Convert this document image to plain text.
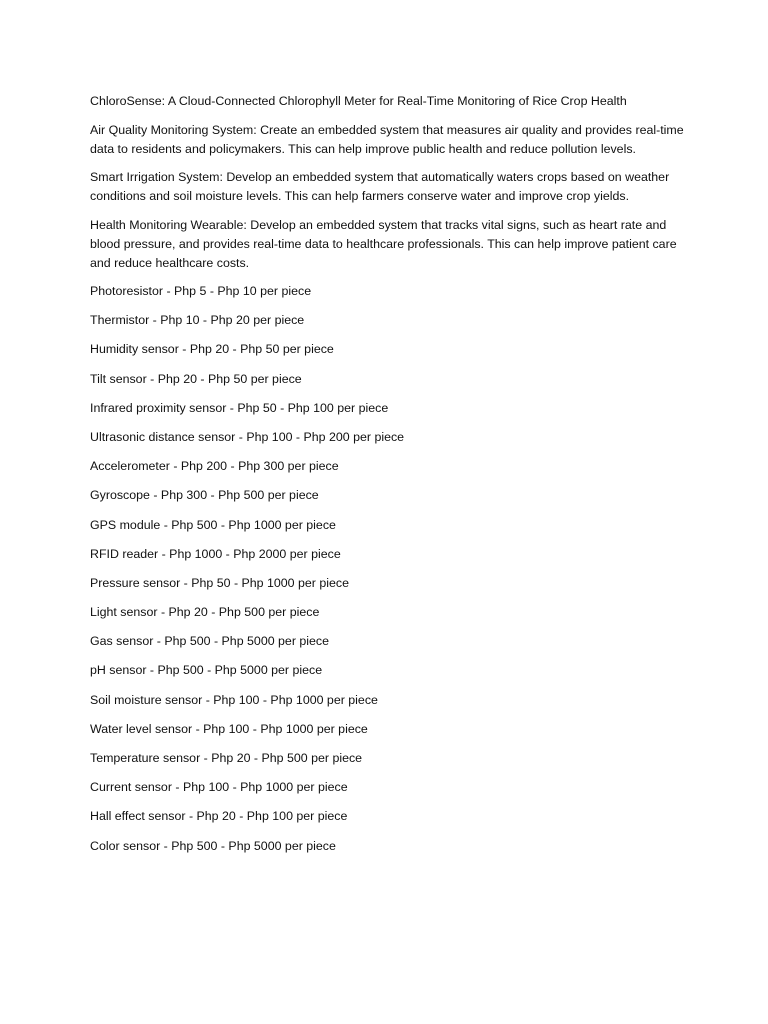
ChloroSense: A Cloud-Connected Chlorophyll Meter for Real-Time Monitoring of Rice Crop Health

Air Quality Monitoring System: Create an embedded system that measures air quality and provides real-time data to residents and policymakers. This can help improve public health and reduce pollution levels.

Smart Irrigation System: Develop an embedded system that automatically waters crops based on weather conditions and soil moisture levels. This can help farmers conserve water and improve crop yields.

Health Monitoring Wearable: Develop an embedded system that tracks vital signs, such as heart rate and blood pressure, and provides real-time data to healthcare professionals. This can help improve patient care and reduce healthcare costs.

Photoresistor - Php 5 - Php 10 per piece

Thermistor - Php 10 - Php 20 per piece

Humidity sensor - Php 20 - Php 50 per piece

Tilt sensor - Php 20 - Php 50 per piece

Infrared proximity sensor - Php 50 - Php 100 per piece

Ultrasonic distance sensor - Php 100 - Php 200 per piece

Accelerometer - Php 200 - Php 300 per piece

Gyroscope - Php 300 - Php 500 per piece

GPS module - Php 500 - Php 1000 per piece

RFID reader - Php 1000 - Php 2000 per piece

Pressure sensor - Php 50 - Php 1000 per piece

Light sensor - Php 20 - Php 500 per piece

Gas sensor - Php 500 - Php 5000 per piece

pH sensor - Php 500 - Php 5000 per piece

Soil moisture sensor - Php 100 - Php 1000 per piece

Water level sensor - Php 100 - Php 1000 per piece

Temperature sensor - Php 20 - Php 500 per piece

Current sensor - Php 100 - Php 1000 per piece

Hall effect sensor - Php 20 - Php 100 per piece

Color sensor - Php 500 - Php 5000 per piece
